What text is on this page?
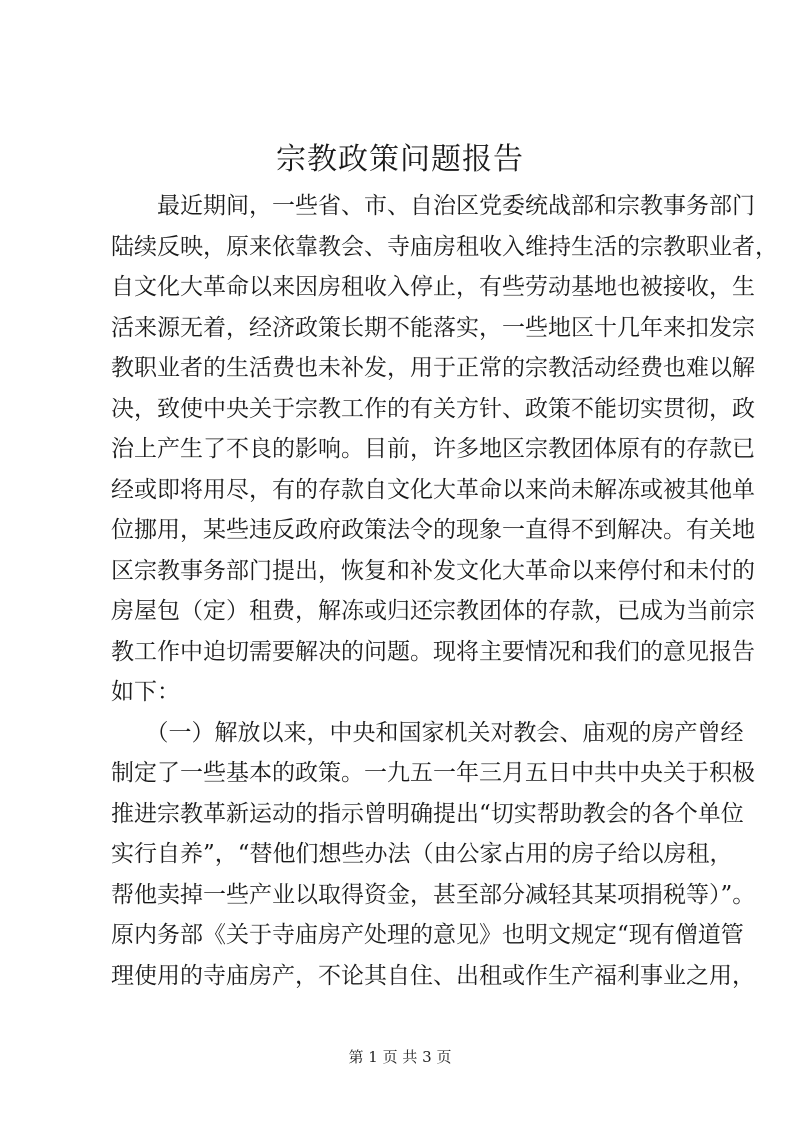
宗教政策问题报告
　　最近期间，一些省、市、自治区党委统战部和宗教事务部门
陆续反映，原来依靠教会、寺庙房租收入维持生活的宗教职业者，
自文化大革命以来因房租收入停止，有些劳动基地也被接收，生
活来源无着，经济政策长期不能落实，一些地区十几年来扣发宗
教职业者的生活费也未补发，用于正常的宗教活动经费也难以解
决，致使中央关于宗教工作的有关方针、政策不能切实贯彻，政
治上产生了不良的影响。目前，许多地区宗教团体原有的存款已
经或即将用尽，有的存款自文化大革命以来尚未解冻或被其他单
位挪用，某些违反政府政策法令的现象一直得不到解决。有关地
区宗教事务部门提出，恢复和补发文化大革命以来停付和未付的
房屋包（定）租费，解冻或归还宗教团体的存款，已成为当前宗
教工作中迫切需要解决的问题。现将主要情况和我们的意见报告
如下：
　　（一）解放以来，中央和国家机关对教会、庙观的房产曾经
制定了一些基本的政策。一九五一年三月五日中共中央关于积极
推进宗教革新运动的指示曾明确提出“切实帮助教会的各个单位
实行自养”，“替他们想些办法（由公家占用的房子给以房租，
帮他卖掉一些产业以取得资金，甚至部分减轻其某项捐税等）”。
原内务部《关于寺庙房产处理的意见》也明文规定“现有僧道管
理使用的寺庙房产，不论其自住、出租或作生产福利事业之用，
第 1 页 共 3 页
